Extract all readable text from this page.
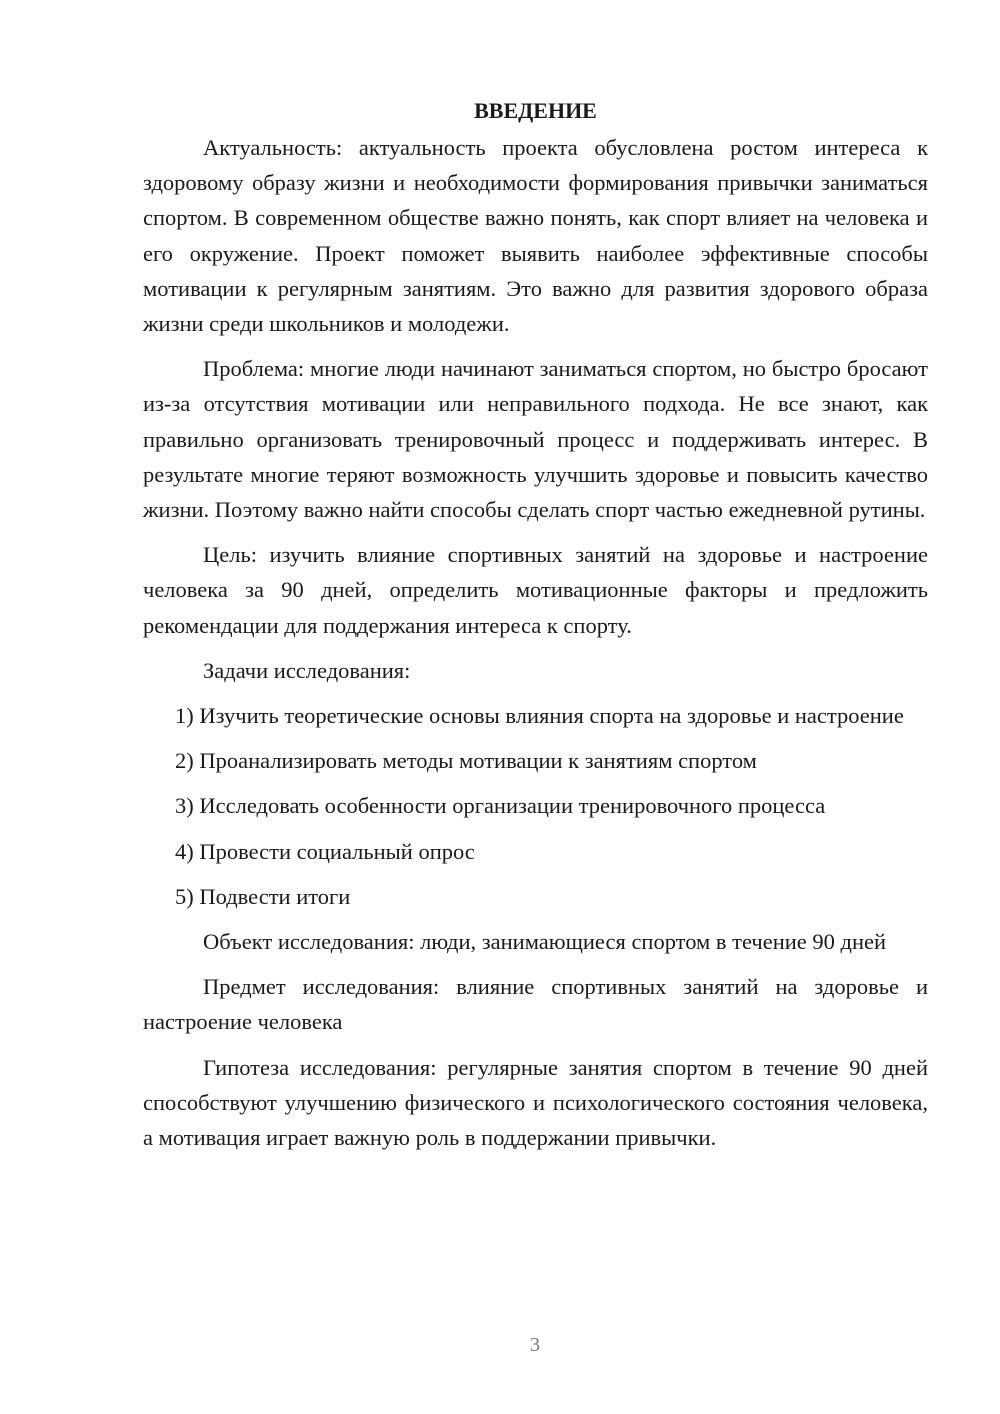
ВВЕДЕНИЕ

Актуальность: актуальность проекта обусловлена ростом интереса к здоровому образу жизни и необходимости формирования привычки заниматься спортом. В современном обществе важно понять, как спорт влияет на человека и его окружение. Проект поможет выявить наиболее эффективные способы мотивации к регулярным занятиям. Это важно для развития здорового образа жизни среди школьников и молодежи.

Проблема: многие люди начинают заниматься спортом, но быстро бросают из-за отсутствия мотивации или неправильного подхода. Не все знают, как правильно организовать тренировочный процесс и поддерживать интерес. В результате многие теряют возможность улучшить здоровье и повысить качество жизни. Поэтому важно найти способы сделать спорт частью ежедневной рутины.

Цель: изучить влияние спортивных занятий на здоровье и настроение человека за 90 дней, определить мотивационные факторы и предложить рекомендации для поддержания интереса к спорту.

Задачи исследования:

1) Изучить теоретические основы влияния спорта на здоровье и настроение

2) Проанализировать методы мотивации к занятиям спортом

3) Исследовать особенности организации тренировочного процесса

4) Провести социальный опрос

5) Подвести итоги

Объект исследования: люди, занимающиеся спортом в течение 90 дней

Предмет исследования: влияние спортивных занятий на здоровье и настроение человека

Гипотеза исследования: регулярные занятия спортом в течение 90 дней способствуют улучшению физического и психологического состояния человека, а мотивация играет важную роль в поддержании привычки.

3
